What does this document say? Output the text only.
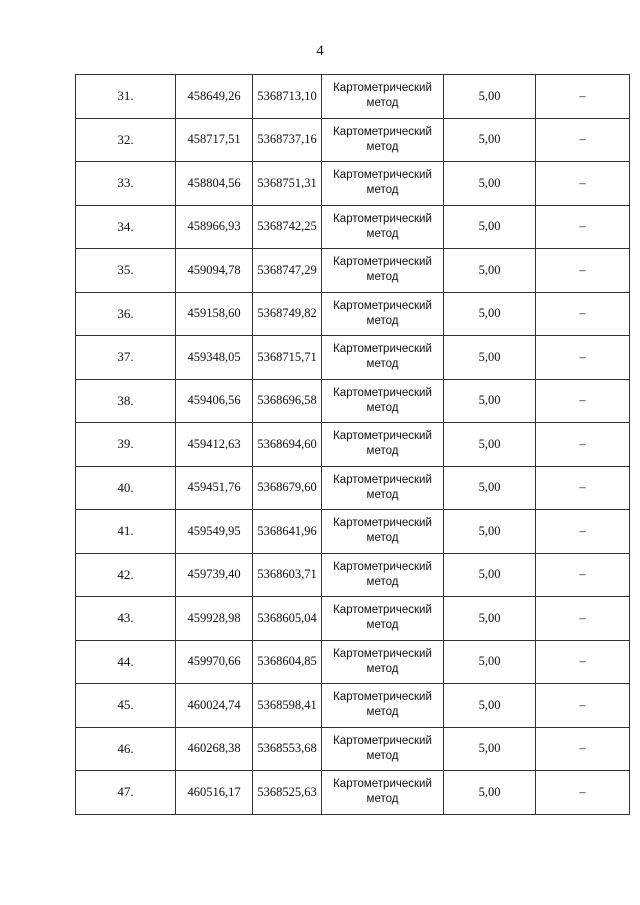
4
31.	458649,26	5368713,10	Картометрический метод	5,00	–
32.	458717,51	5368737,16	Картометрический метод	5,00	–
33.	458804,56	5368751,31	Картометрический метод	5,00	–
34.	458966,93	5368742,25	Картометрический метод	5,00	–
35.	459094,78	5368747,29	Картометрический метод	5,00	–
36.	459158,60	5368749,82	Картометрический метод	5,00	–
37.	459348,05	5368715,71	Картометрический метод	5,00	–
38.	459406,56	5368696,58	Картометрический метод	5,00	–
39.	459412,63	5368694,60	Картометрический метод	5,00	–
40.	459451,76	5368679,60	Картометрический метод	5,00	–
41.	459549,95	5368641,96	Картометрический метод	5,00	–
42.	459739,40	5368603,71	Картометрический метод	5,00	–
43.	459928,98	5368605,04	Картометрический метод	5,00	–
44.	459970,66	5368604,85	Картометрический метод	5,00	–
45.	460024,74	5368598,41	Картометрический метод	5,00	–
46.	460268,38	5368553,68	Картометрический метод	5,00	–
47.	460516,17	5368525,63	Картометрический метод	5,00	–
